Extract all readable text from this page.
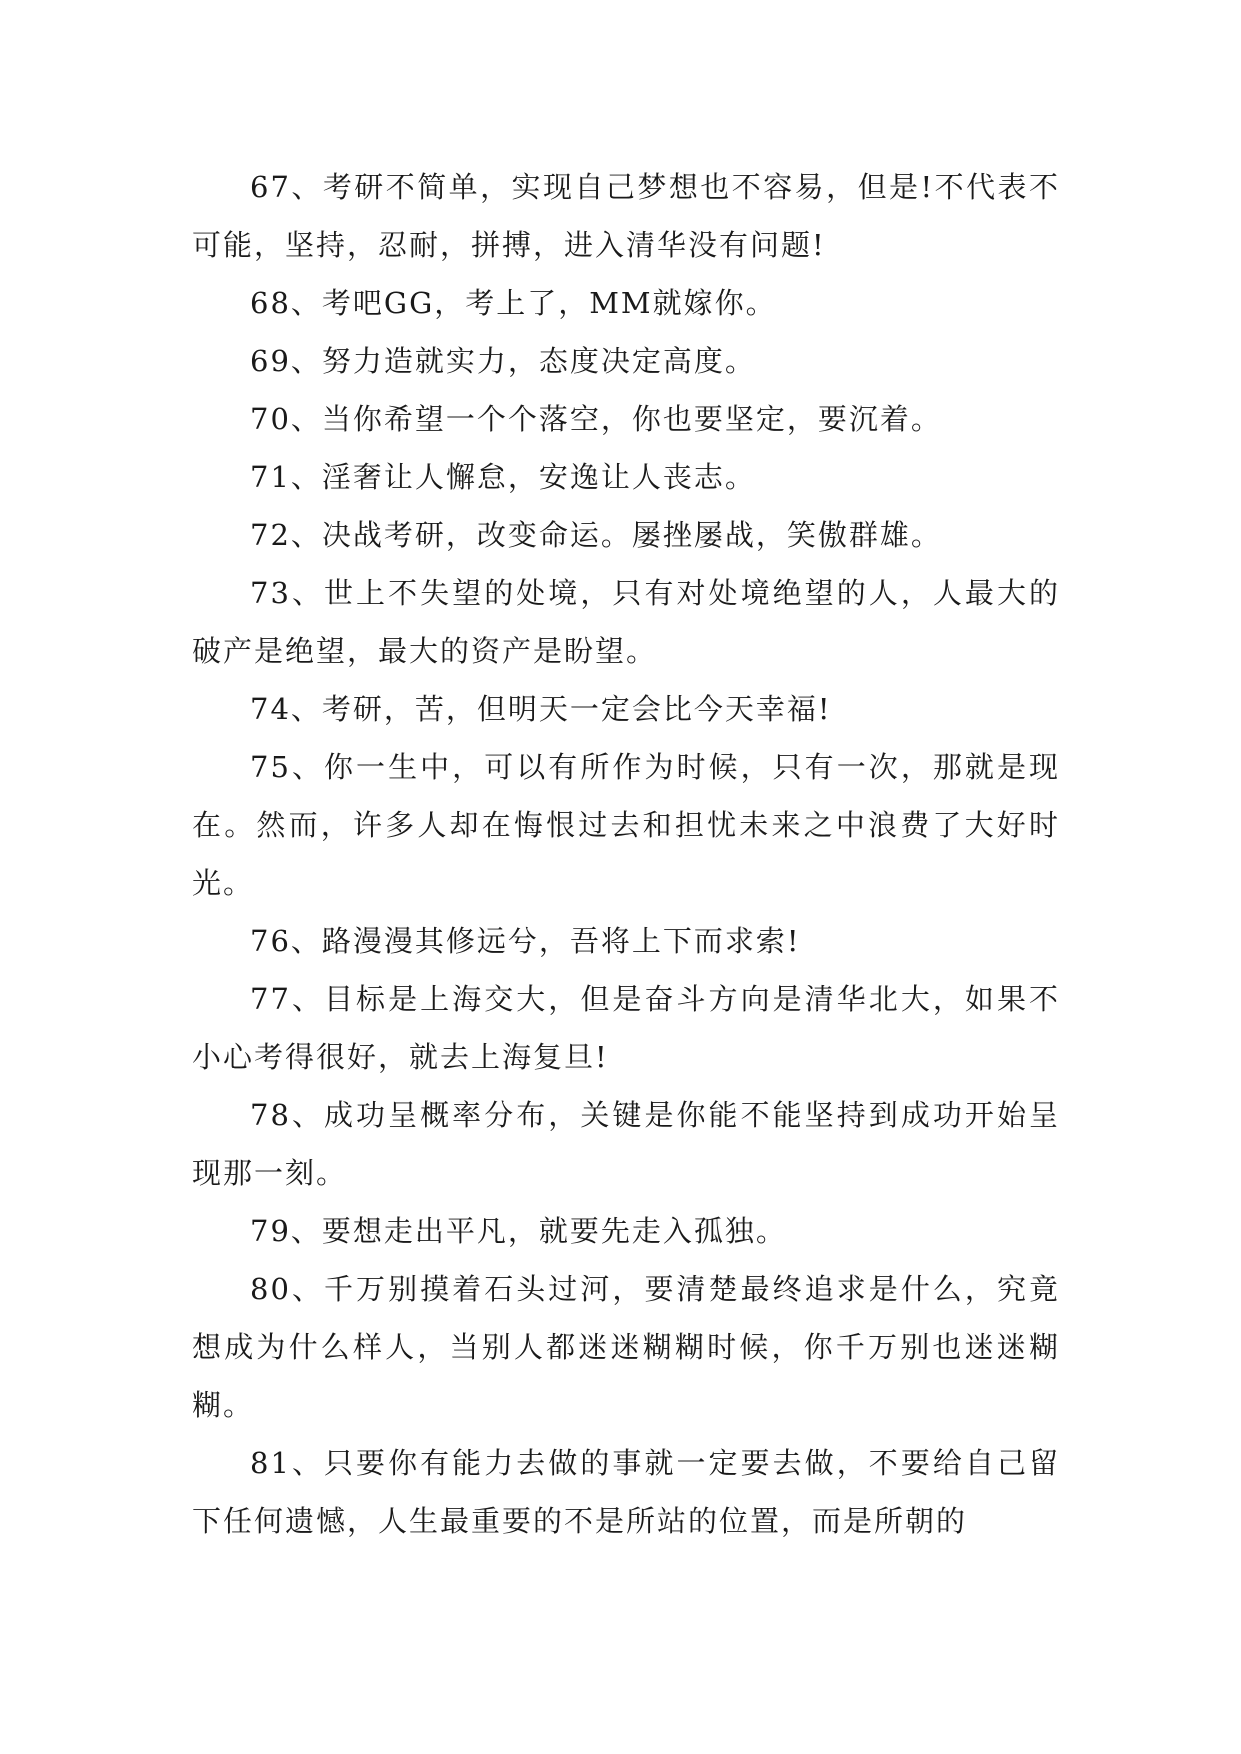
67、考研不简单，实现自己梦想也不容易，但是!不代表不可能，坚持，忍耐，拼搏，进入清华没有问题!

68、考吧GG，考上了，MM就嫁你。

69、努力造就实力，态度决定高度。

70、当你希望一个个落空，你也要坚定，要沉着。

71、淫奢让人懈怠，安逸让人丧志。

72、决战考研，改变命运。屡挫屡战，笑傲群雄。

73、世上不失望的处境，只有对处境绝望的人，人最大的破产是绝望，最大的资产是盼望。

74、考研，苦，但明天一定会比今天幸福!

75、你一生中，可以有所作为时候，只有一次，那就是现在。然而，许多人却在悔恨过去和担忧未来之中浪费了大好时光。

76、路漫漫其修远兮，吾将上下而求索!

77、目标是上海交大，但是奋斗方向是清华北大，如果不小心考得很好，就去上海复旦!

78、成功呈概率分布，关键是你能不能坚持到成功开始呈现那一刻。

79、要想走出平凡，就要先走入孤独。

80、千万别摸着石头过河，要清楚最终追求是什么，究竟想成为什么样人，当别人都迷迷糊糊时候，你千万别也迷迷糊糊。

81、只要你有能力去做的事就一定要去做，不要给自己留下任何遗憾，人生最重要的不是所站的位置，而是所朝的
